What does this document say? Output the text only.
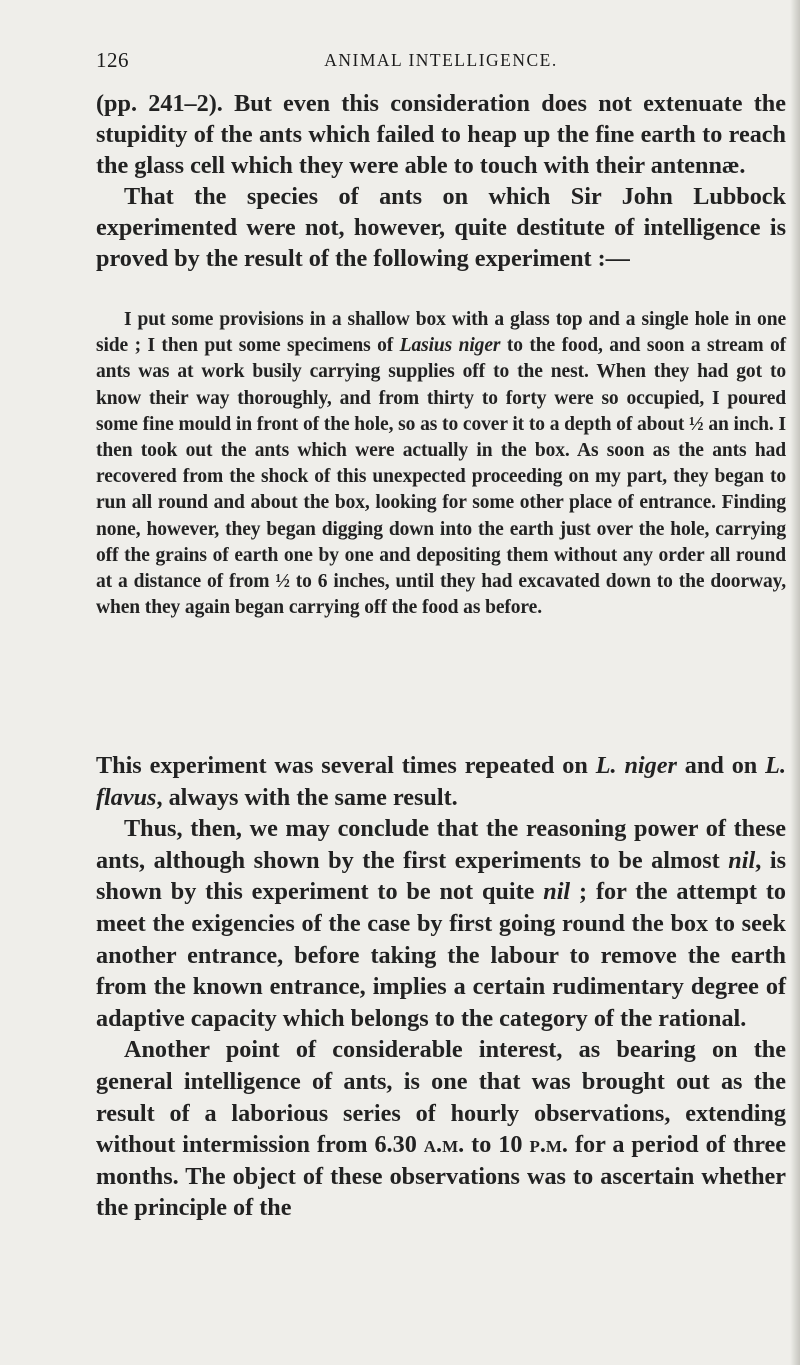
126	ANIMAL INTELLIGENCE.

(pp. 241–2). But even this consideration does not extenuate the stupidity of the ants which failed to heap up the fine earth to reach the glass cell which they were able to touch with their antennæ.

That the species of ants on which Sir John Lubbock experimented were not, however, quite destitute of intelligence is proved by the result of the following experiment :—

I put some provisions in a shallow box with a glass top and a single hole in one side ; I then put some specimens of Lasius niger to the food, and soon a stream of ants was at work busily carrying supplies off to the nest. When they had got to know their way thoroughly, and from thirty to forty were so occupied, I poured some fine mould in front of the hole, so as to cover it to a depth of about ½ an inch. I then took out the ants which were actually in the box. As soon as the ants had recovered from the shock of this unexpected proceeding on my part, they began to run all round and about the box, looking for some other place of entrance. Finding none, however, they began digging down into the earth just over the hole, carrying off the grains of earth one by one and depositing them without any order all round at a distance of from ½ to 6 inches, until they had excavated down to the doorway, when they again began carrying off the food as before.

This experiment was several times repeated on L. niger and on L. flavus, always with the same result.

Thus, then, we may conclude that the reasoning power of these ants, although shown by the first experiments to be almost nil, is shown by this experiment to be not quite nil ; for the attempt to meet the exigencies of the case by first going round the box to seek another entrance, before taking the labour to remove the earth from the known entrance, implies a certain rudimentary degree of adaptive capacity which belongs to the category of the rational.

Another point of considerable interest, as bearing on the general intelligence of ants, is one that was brought out as the result of a laborious series of hourly observations, extending without intermission from 6.30 a.m. to 10 p.m. for a period of three months. The object of these observations was to ascertain whether the principle of the
